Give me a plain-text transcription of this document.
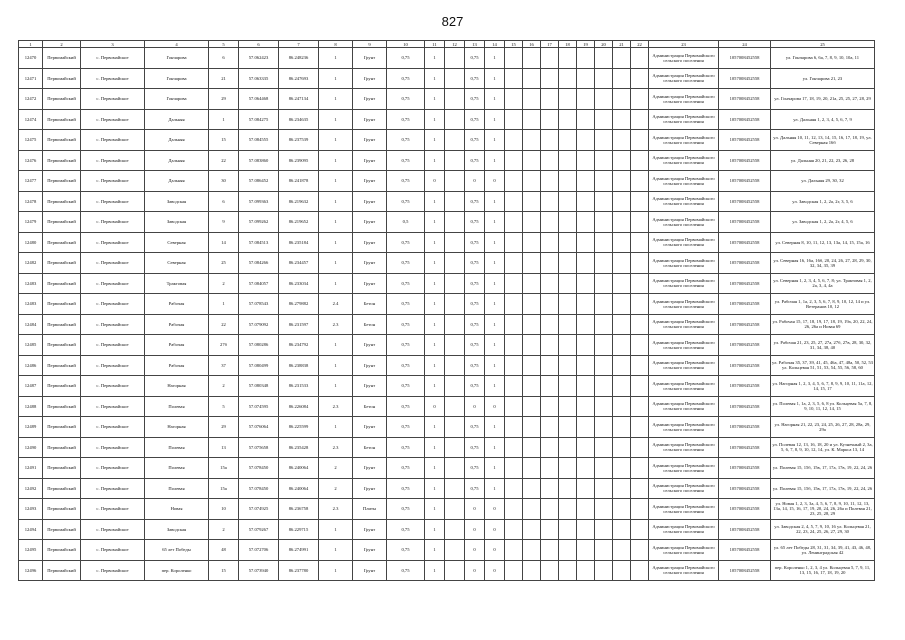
827
1	2	3	4	5	6	7	8	9	10	11	12	13	14	15	16	17	18	19	20	21	22	23	24	25
12470	Первомайский	с. Первомайское	Гончарова	6	57.062423	86.248236	1	Грунт	0,75	1		0,75	1									Администрация Первомайского сельского поселения	1057008452558	ул. Гончарова 6, 6а, 7, 8, 9, 10, 10а, 11
12471	Первомайский	с. Первомайское	Гончарова	21	57.063335	86.247693	1	Грунт	0,75	1		0,75	1									Администрация Первомайского сельского поселения	1057008452558	ул. Гончарова 21, 23
12472	Первомайский	с. Первомайское	Гончарова	29	57.064468	86.247134	1	Грунт	0,75	1		0,75	1									Администрация Первомайского сельского поселения	1057008452558	ул. Гончарова 17, 18, 19, 20, 21а, 25, 25, 27, 28, 29
12474	Первомайский	с. Первомайское	Дальняя	1	57.084275	86.234635	1	Грунт	0,75	1		0,75	1									Администрация Первомайского сельского поселения	1057008452558	ул. Дальняя 1, 2, 3, 4, 5, 6, 7, 9
12475	Первомайский	с. Первомайское	Дальняя	15	57.084555	86.237539	1	Грунт	0,75	1		0,75	1									Администрация Первомайского сельского поселения	1057008452558	ул. Дальняя 10, 11, 12, 13, 14, 15, 16, 17, 18, 19, ул. Северная 16б
12476	Первомайский	с. Первомайское	Дальняя	22	57.083860	86.239095	1	Грунт	0,75	1		0,75	1									Администрация Первомайского сельского поселения	1057008452558	ул. Дальняя 20, 21, 22, 23, 26, 28
12477	Первомайский	с. Первомайское	Дальняя	30	57.086452	86.241878	1	Грунт	0,75	0		0	0									Администрация Первомайского сельского поселения	1057008452558	ул. Дальняя 29, 30, 32
12478	Первомайский	с. Первомайское	Заводская	6	57.099363	86.219632	1	Грунт	0,75	1		0,75	1									Администрация Первомайского сельского поселения	1057008452558	ул. Заводская 1, 2, 2а, 2г, 3, 5, 6
12479	Первомайский	с. Первомайское	Заводская	9	57.099262	86.219652	1	Грунт	0,5	1		0,75	1									Администрация Первомайского сельского поселения	1057008452558	ул. Заводская 1, 2, 2а, 2г, 4, 5, 6
12480	Первомайский	с. Первомайское	Северная	14	57.084513	86.235184	1	Грунт	0,75	1		0,75	1									Администрация Первомайского сельского поселения	1057008452558	ул. Северная 8, 10, 11, 12, 13, 13а, 14, 15, 15а, 16
12482	Первомайский	с. Первомайское	Северная	25	57.084266	86.234457	1	Грунт	0,75	1		0,75	1									Администрация Первомайского сельского поселения	1057008452558	ул. Северная 16, 16а, 16б, 20, 24, 26, 27, 28, 29, 30, 32, 34, 35, 39
12483	Первомайский	с. Первомайское	Трактовая	2	57.084057	86.233034	1	Грунт	0,75	1		0,75	1									Администрация Первомайского сельского поселения	1057008452558	ул. Северная 1, 2, 3, 4, 5, 6, 7, 8; ул. Трактовая 1, 2, 2а, 3, 4, 4а
12483	Первомайский	с. Первомайское	Рабочая	1	57.078543	86.279882	2.4	Бетон	0,75	1		0,75	1									Администрация Первомайского сельского поселения	1057008452558	ул. Рабочая 1, 1а, 2, 3, 5, 6, 7, 8, 9, 10, 12, 14 и ул. Ветеранов 10, 12
12484	Первомайский	с. Первомайское	Рабочая	22	57.079092	86.231597	2.3	Бетон	0,75	1		0,75	1									Администрация Первомайского сельского поселения	1057008452558	ул. Рабочая 15, 17, 18, 19, 17, 18, 19, 19а, 20, 22, 24, 26, 26а и Новая 69
12485	Первомайский	с. Первомайское	Рабочая	27б	57.080286	86.234792	1	Грунт	0,75	1		0,75	1									Администрация Первомайского сельского поселения	1057008452558	ул. Рабочая 21, 23, 25, 27, 27а, 27б, 27в, 28, 30, 32, 31, 34, 38, 40
12486	Первомайский	с. Первомайское	Рабочая	37	57.080499	86.238838	1	Грунт	0,75	1		0,75	1									Администрация Первомайского сельского поселения	1057008452558	ул. Рабочая 35, 37, 39, 41, 45, 46а, 47, 48а, 50, 52, 53 ул. Кольцевая 51, 51, 53, 54, 55, 56, 58, 60
12487	Первомайский	с. Первомайское	Нагорная	2	57.080348	86.231533	1	Грунт	0,75	1		0,75	1									Администрация Первомайского сельского поселения	1057008452558	ул. Нагорная 1, 2, 3, 4, 5, 6, 7, 8, 9, 9, 10, 11, 11а, 12, 14, 15, 17
12488	Первомайский	с. Первомайское	Полевая	5	57.074595	86.226084	2.3	Бетон	0,75	0		0	0									Администрация Первомайского сельского поселения	1057008452558	ул. Полевая 1, 1а, 2, 3, 5, 6, 8 ул. Кольцевая 5а, 7, 8, 9, 10, 11, 12, 14, 15
12489	Первомайский	с. Первомайское	Нагорная	29	57.076064	86.225599	1	Грунт	0,75	1		0,75	1									Администрация Первомайского сельского поселения	1057008452558	ул. Нагорная 21, 22, 23, 24, 25, 26, 27, 28, 28а, 29, 29а
12490	Первомайский	с. Первомайское	Полевая	13	57.075658	86.235428	2.3	Бетон	0,75	1		0,75	1									Администрация Первомайского сельского поселения	1057008452558	ул. Полевая 12, 13, 16, 18, 20 и ул. Кузнечный 2, 3а, 5, 6, 7, 8, 9, 10, 12, 14, ул. К. Маркса 13, 14
12491	Первомайский	с. Первомайское	Полевая	15а	57.078450	86.240064	2	Грунт	0,75	1		0,75	1									Администрация Первомайского сельского поселения	1057008452558	ул. Полевая 15, 15б, 15в, 17, 17а, 17в, 19, 22, 24, 26
12492	Первомайский	с. Первомайское	Полевая	15а	57.078450	86.240064	2	Грунт	0,75	1		0,75	1									Администрация Первомайского сельского поселения	1057008452558	ул. Полевая 15, 15б, 15в, 17, 17а, 17в, 19, 22, 24, 26
12493	Первомайский	с. Первомайское	Новая	10	57.074925	86.236758	2.3	Плиты	0,75	1		0	0									Администрация Первомайского сельского поселения	1057008452558	ул. Новая 1, 2, 3, 3а, 4, 5, 6, 7, 8, 9, 10, 11, 12, 13, 13а, 14, 15, 16, 17, 19, 20, 24, 26, 26а и Полевая 21, 23, 25, 28, 29
12494	Первомайский	с. Первомайское	Заводская	2	57.079267	86.229715	1	Грунт	0,75	1		0	0									Администрация Первомайского сельского поселения	1057008452558	ул. Заводская 2, 4, 5, 7, 9, 10, 16 ул. Кольцевая 21, 22, 23, 24, 25, 26, 27, 29, 30
12495	Первомайский	с. Первомайское	65 лет Победы	48	57.072706	86.274991	1	Грунт	0,75	1		0	0									Администрация Первомайского сельского поселения	1057008452558	ул. 65 лет Победы 28, 31, 31, 34, 39, 41, 43, 46, 48, ул. Ленинградская 42
12496	Первомайский	с. Первомайское	пер. Короленко	15	57.073940	86.237780	1	Грунт	0,75	1		0	0									Администрация Первомайского сельского поселения	1057008452558	пер. Короленко 1, 2, 3, 4 ул. Кольцевая 5, 7, 9, 11, 13, 15, 16, 17, 18, 19, 20
